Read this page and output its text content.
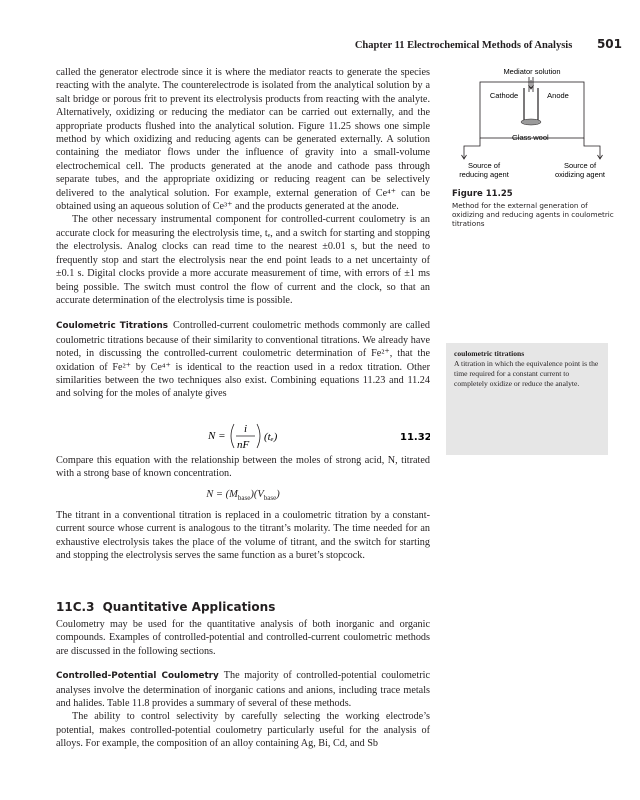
Chapter 11 Electrochemical Methods of Analysis 501

called the generator electrode since it is where the mediator reacts to generate the species reacting with the analyte. The counterelectrode is isolated from the analytical solution by a salt bridge or porous frit to prevent its electrolysis products from reacting with the analyte. Alternatively, oxidizing or reducing the mediator can be carried out externally, and the appropriate products flushed into the analytical solution. Figure 11.25 shows one simple method by which oxidizing and reducing agents can be generated externally. A solution containing the mediator flows under the influence of gravity into a small-volume electrochemical cell. The products generated at the anode and cathode pass through separate tubes, and the appropriate oxidizing or reducing reagent can be selectively delivered to the analytical solution. For example, external generation of Ce⁴⁺ can be obtained using an aqueous solution of Ce³⁺ and the products generated at the anode.

The other necessary instrumental component for controlled-current coulometry is an accurate clock for measuring the electrolysis time, tₑ, and a switch for starting and stopping the electrolysis. Analog clocks can read time to the nearest ±0.01 s, but the need to frequently stop and start the electrolysis near the end point leads to a net uncertainty of ±0.1 s. Digital clocks provide a more accurate measurement of time, with errors of ±1 ms being possible. The switch must control the flow of current and the clock, so that an accurate determination of the electrolysis time is possible.

Coulometric Titrations Controlled-current coulometric methods commonly are called coulometric titrations because of their similarity to conventional titrations. We already have noted, in discussing the controlled-current coulometric determination of Fe²⁺, that the oxidation of Fe²⁺ by Ce⁴⁺ is identical to the reaction used in a redox titration. Other similarities between the two techniques also exist. Combining equations 11.23 and 11.24 and solving for the moles of analyte gives

N =
i
nF
(tₑ)	11.32

Compare this equation with the relationship between the moles of strong acid, N, titrated with a strong base of known concentration.

$N = (M_{base})(V_{base})$

The titrant in a conventional titration is replaced in a coulometric titration by a constant-current source whose current is analogous to the titrant’s molarity. The time needed for an exhaustive electrolysis takes the place of the volume of titrant, and the switch for starting and stopping the electrolysis serves the same function as a buret’s stopcock.

11C.3 Quantitative Applications

Coulometry may be used for the quantitative analysis of both inorganic and organic compounds. Examples of controlled-potential and controlled-current coulometric methods are discussed in the following sections.

Controlled-Potential Coulometry The majority of controlled-potential coulometric analyses involve the determination of inorganic cations and anions, including trace metals and halides. Table 11.8 provides a summary of several of these methods.

The ability to control selectivity by carefully selecting the working electrode’s potential, makes controlled-potential coulometry particularly useful for the analysis of alloys. For example, the composition of an alloy containing Ag, Bi, Cd, and Sb

Mediator solution
Cathode	Anode
Glass wool
Source of
reducing agent
Source of
oxidizing agent
Figure 11.25
Method for the external generation of oxidizing and reducing agents in coulometric titrations
coulometric titrations
A titration in which the equivalence point is the time required for a constant current to completely oxidize or reduce the analyte.
